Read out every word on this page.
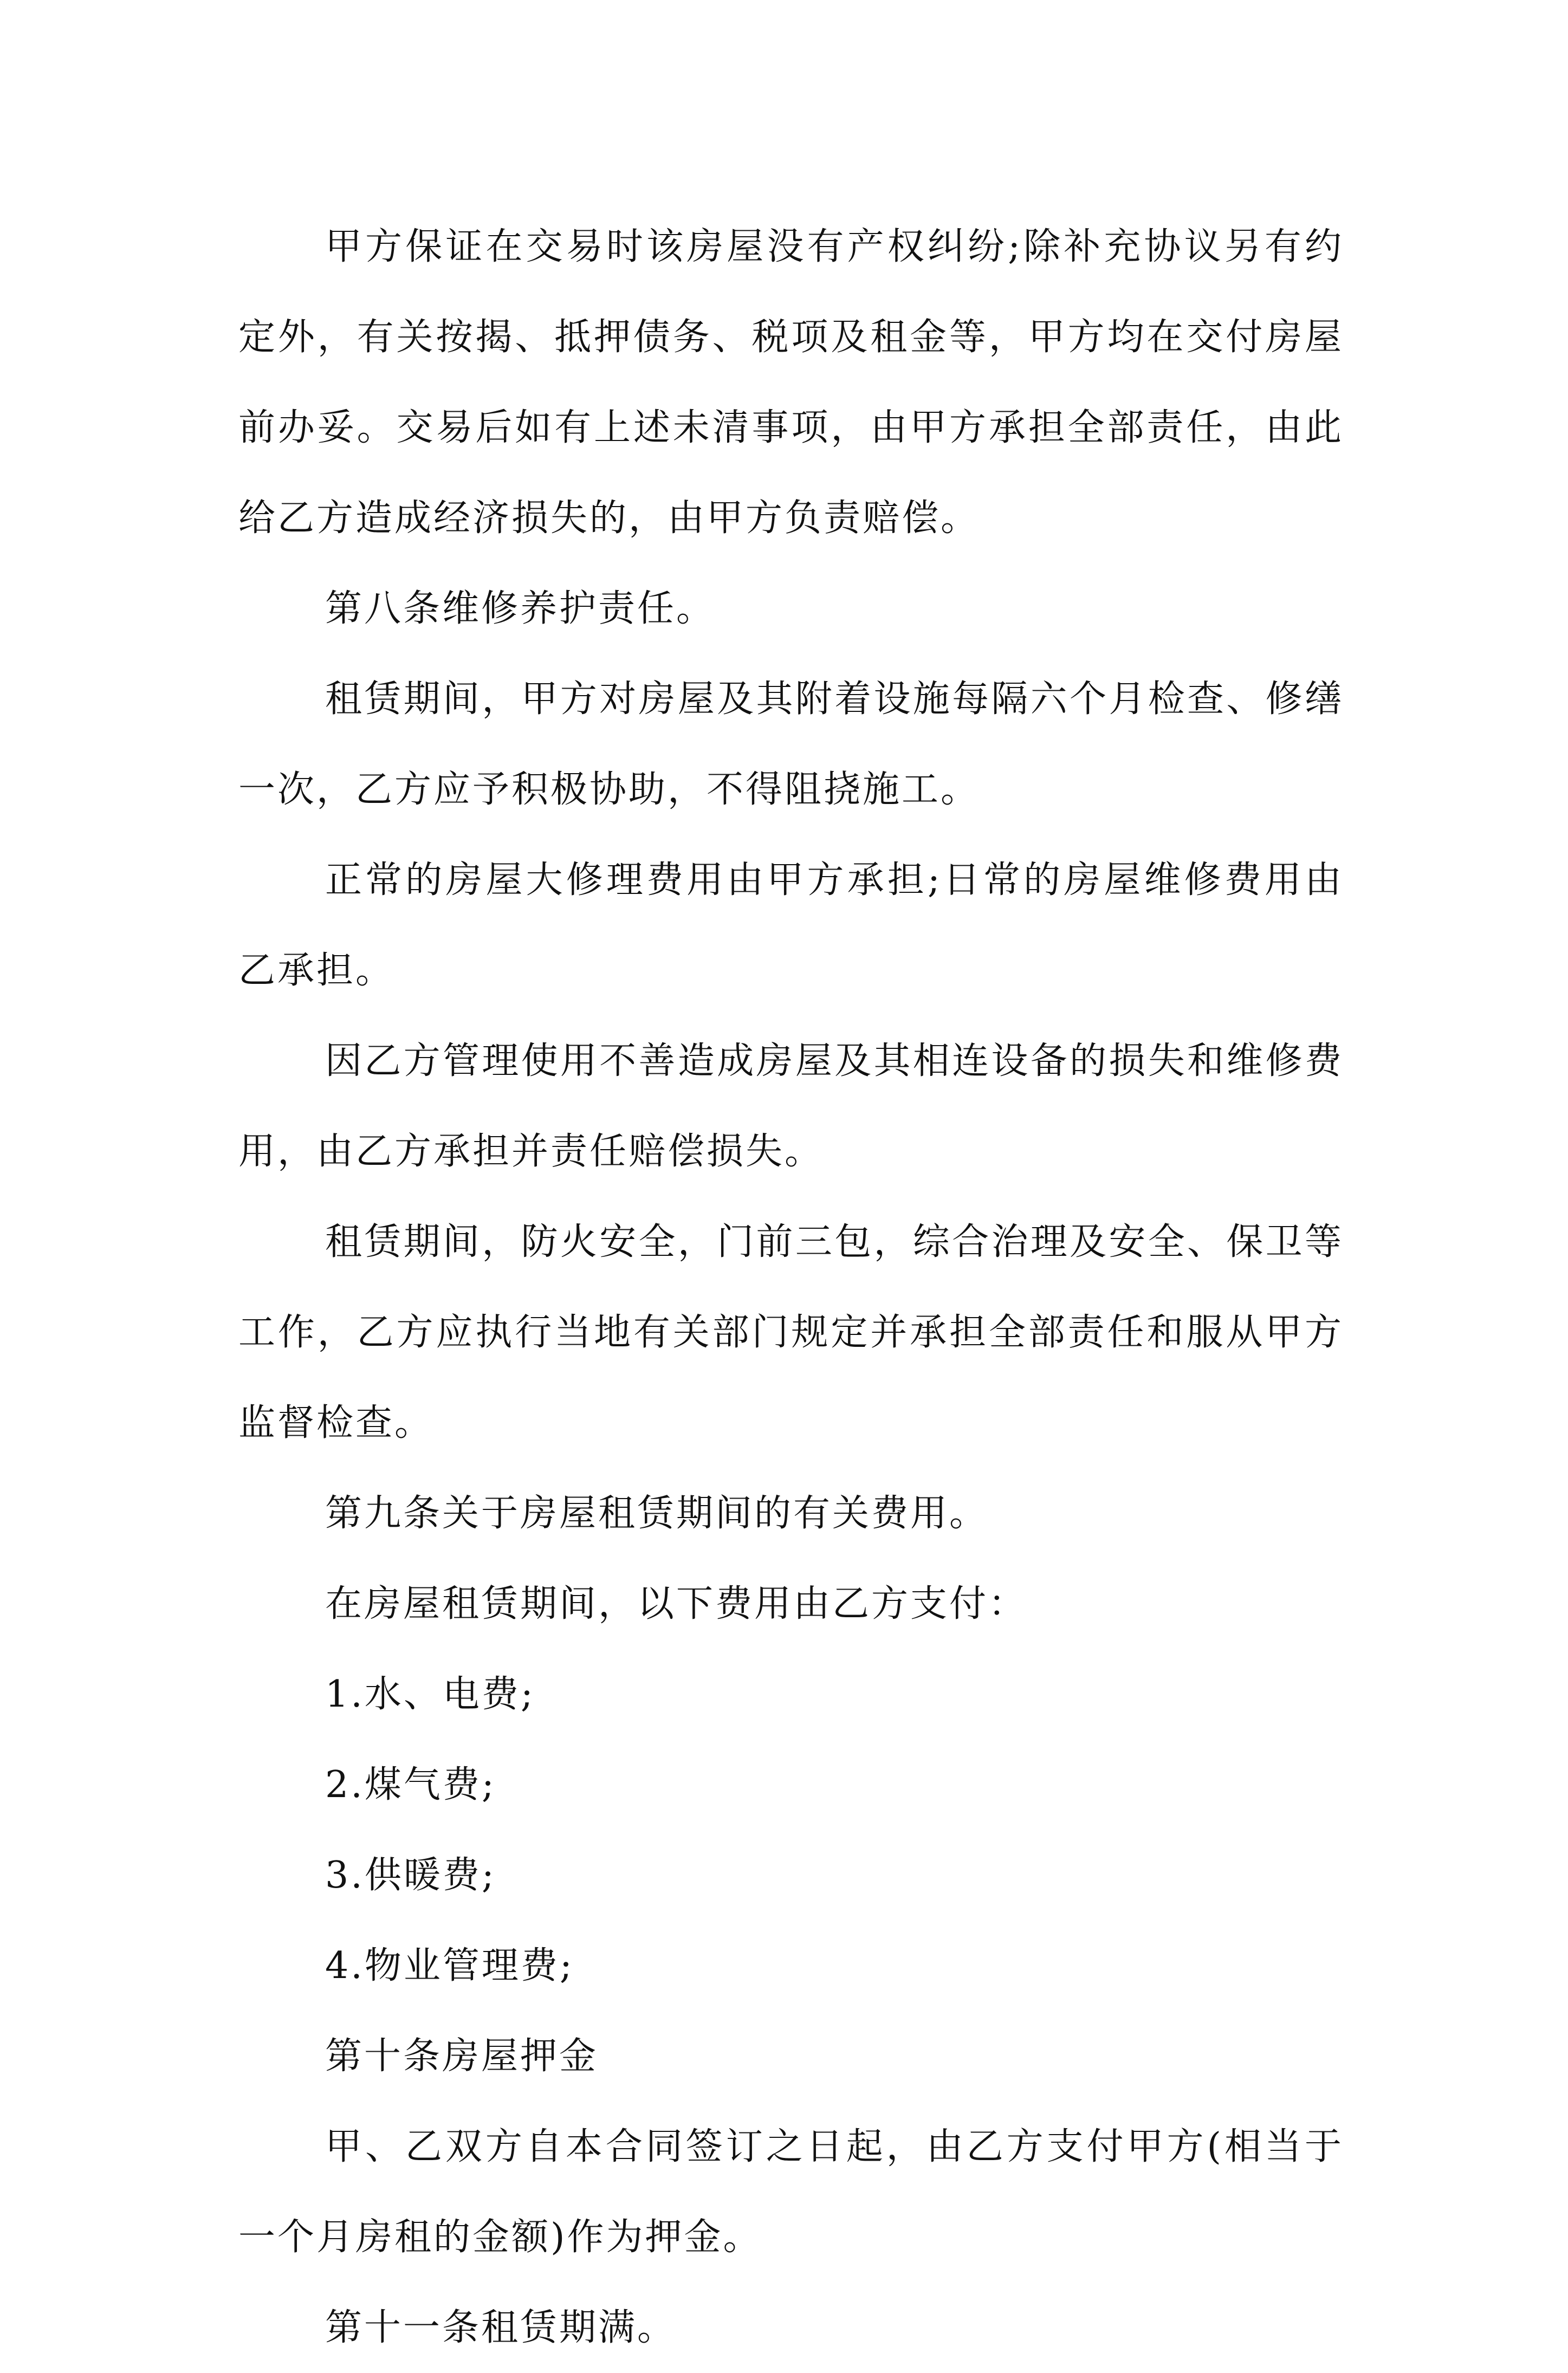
甲方保证在交易时该房屋没有产权纠纷;除补充协议另有约定外，有关按揭、抵押债务、税项及租金等，甲方均在交付房屋前办妥。交易后如有上述未清事项，由甲方承担全部责任，由此给乙方造成经济损失的，由甲方负责赔偿。

第八条维修养护责任。

租赁期间，甲方对房屋及其附着设施每隔六个月检查、修缮一次，乙方应予积极协助，不得阻挠施工。

正常的房屋大修理费用由甲方承担;日常的房屋维修费用由乙承担。

因乙方管理使用不善造成房屋及其相连设备的损失和维修费用，由乙方承担并责任赔偿损失。

租赁期间，防火安全，门前三包，综合治理及安全、保卫等工作，乙方应执行当地有关部门规定并承担全部责任和服从甲方监督检查。

第九条关于房屋租赁期间的有关费用。

在房屋租赁期间，以下费用由乙方支付：

1.水、电费;

2.煤气费;

3.供暖费;

4.物业管理费;

第十条房屋押金

甲、乙双方自本合同签订之日起，由乙方支付甲方(相当于一个月房租的金额)作为押金。

第十一条租赁期满。
